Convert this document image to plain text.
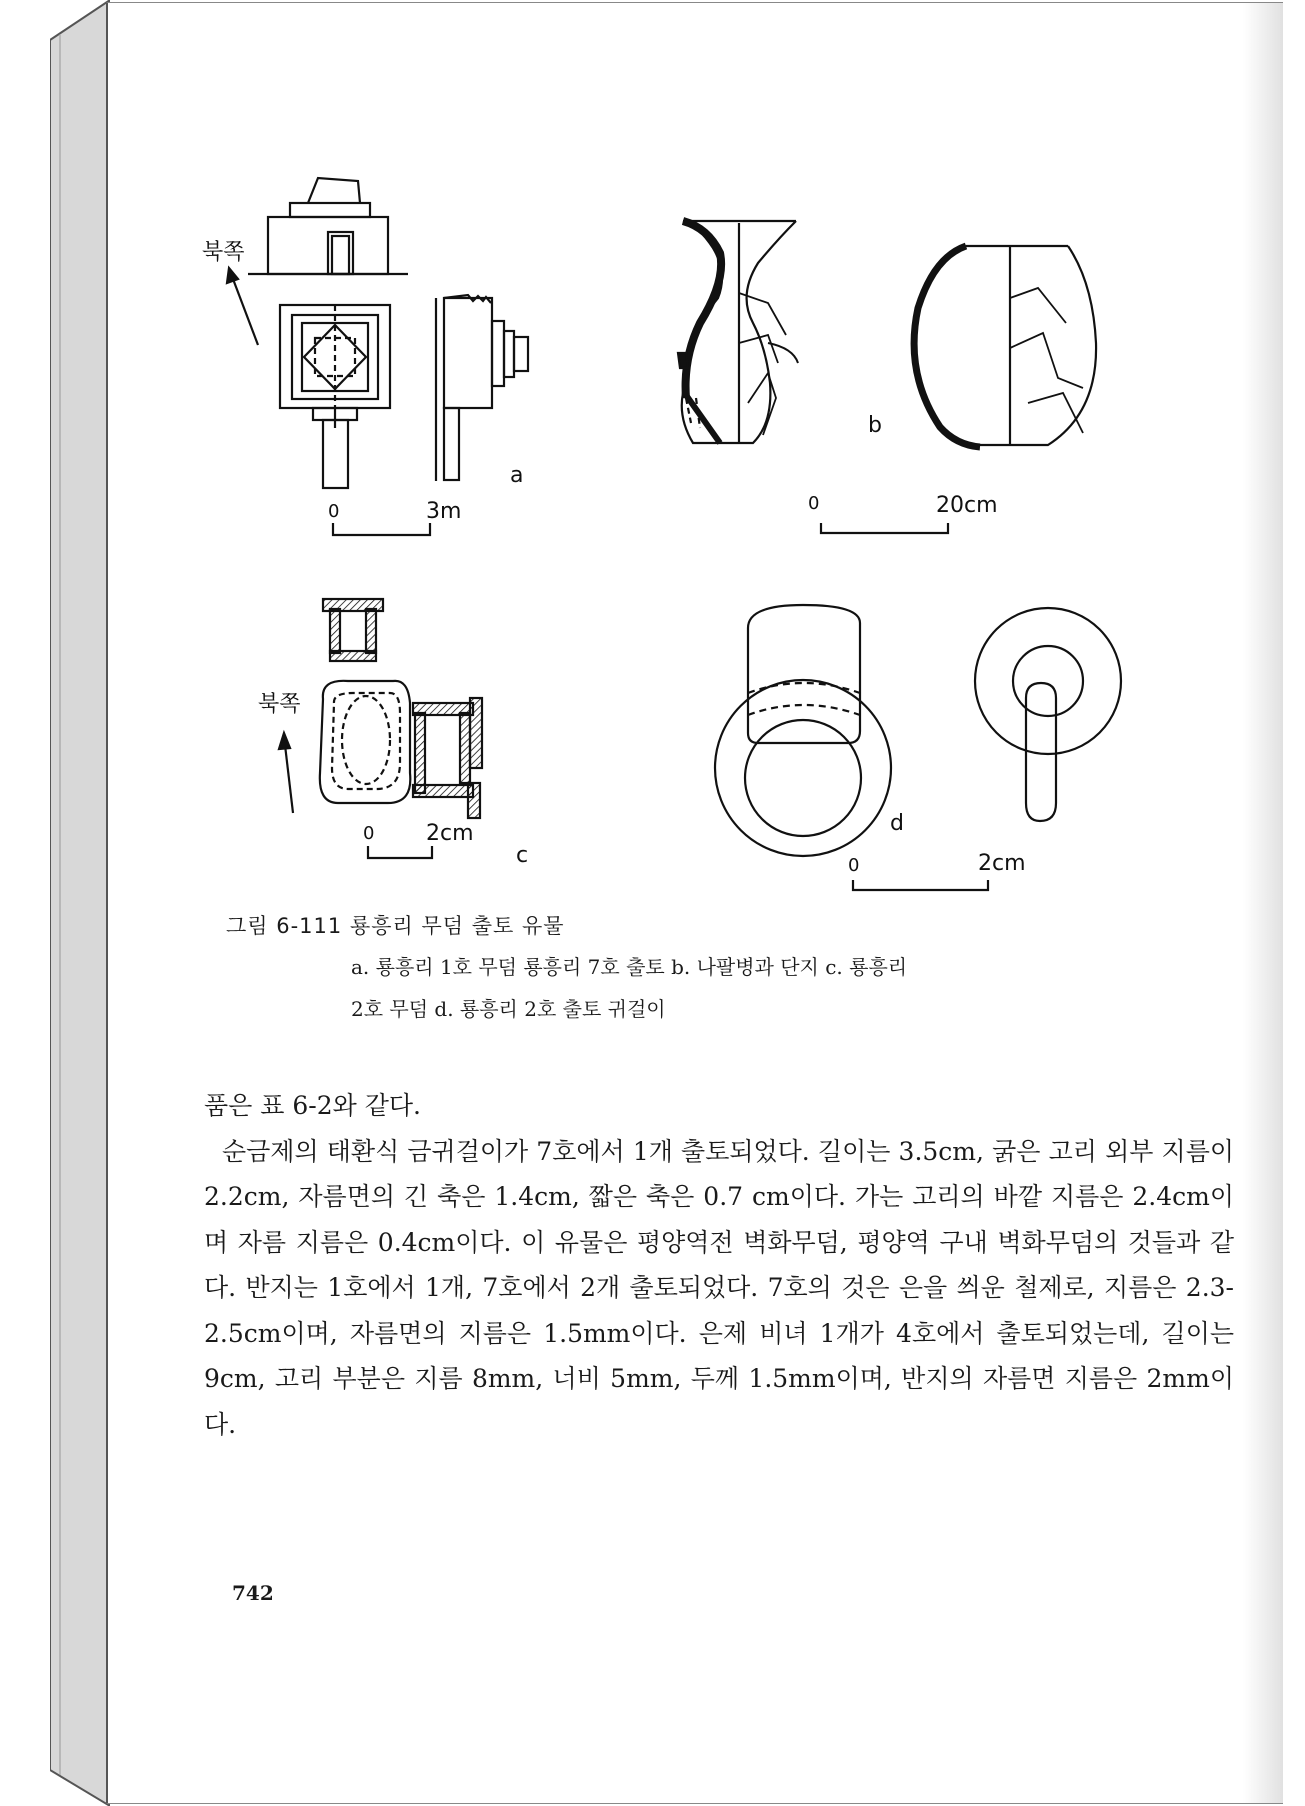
북쪽
a
0	3m
b
0	20cm
북쪽
c
0 2cm	d
0	2cm
그림 6-111 룡흥리 무덤 출토 유물
a. 룡흥리 1호 무덤 룡흥리 7호 출토 b. 나팔병과 단지 c. 룡흥리
2호 무덤 d. 룡흥리 2호 출토 귀걸이

품은 표 6-2와 같다.

순금제의 태환식 금귀걸이가 7호에서 1개 출토되었다. 길이는 3.5cm, 굵은 고리 외부 지름이 2.2cm, 자름면의 긴 축은 1.4cm, 짧은 축은 0.7 cm이다. 가는 고리의 바깥 지름은 2.4cm이며 자름 지름은 0.4cm이다. 이 유물은 평양역전 벽화무덤, 평양역 구내 벽화무덤의 것들과 같다. 반지는 1호에서 1개, 7호에서 2개 출토되었다. 7호의 것은 은을 씌운 철제로, 지름은 2.3-2.5cm이며, 자름면의 지름은 1.5mm이다. 은제 비녀 1개가 4호에서 출토되었는데, 길이는 9cm, 고리 부분은 지름 8mm, 너비 5mm, 두께 1.5mm이며, 반지의 자름면 지름은 2mm이다.

742
